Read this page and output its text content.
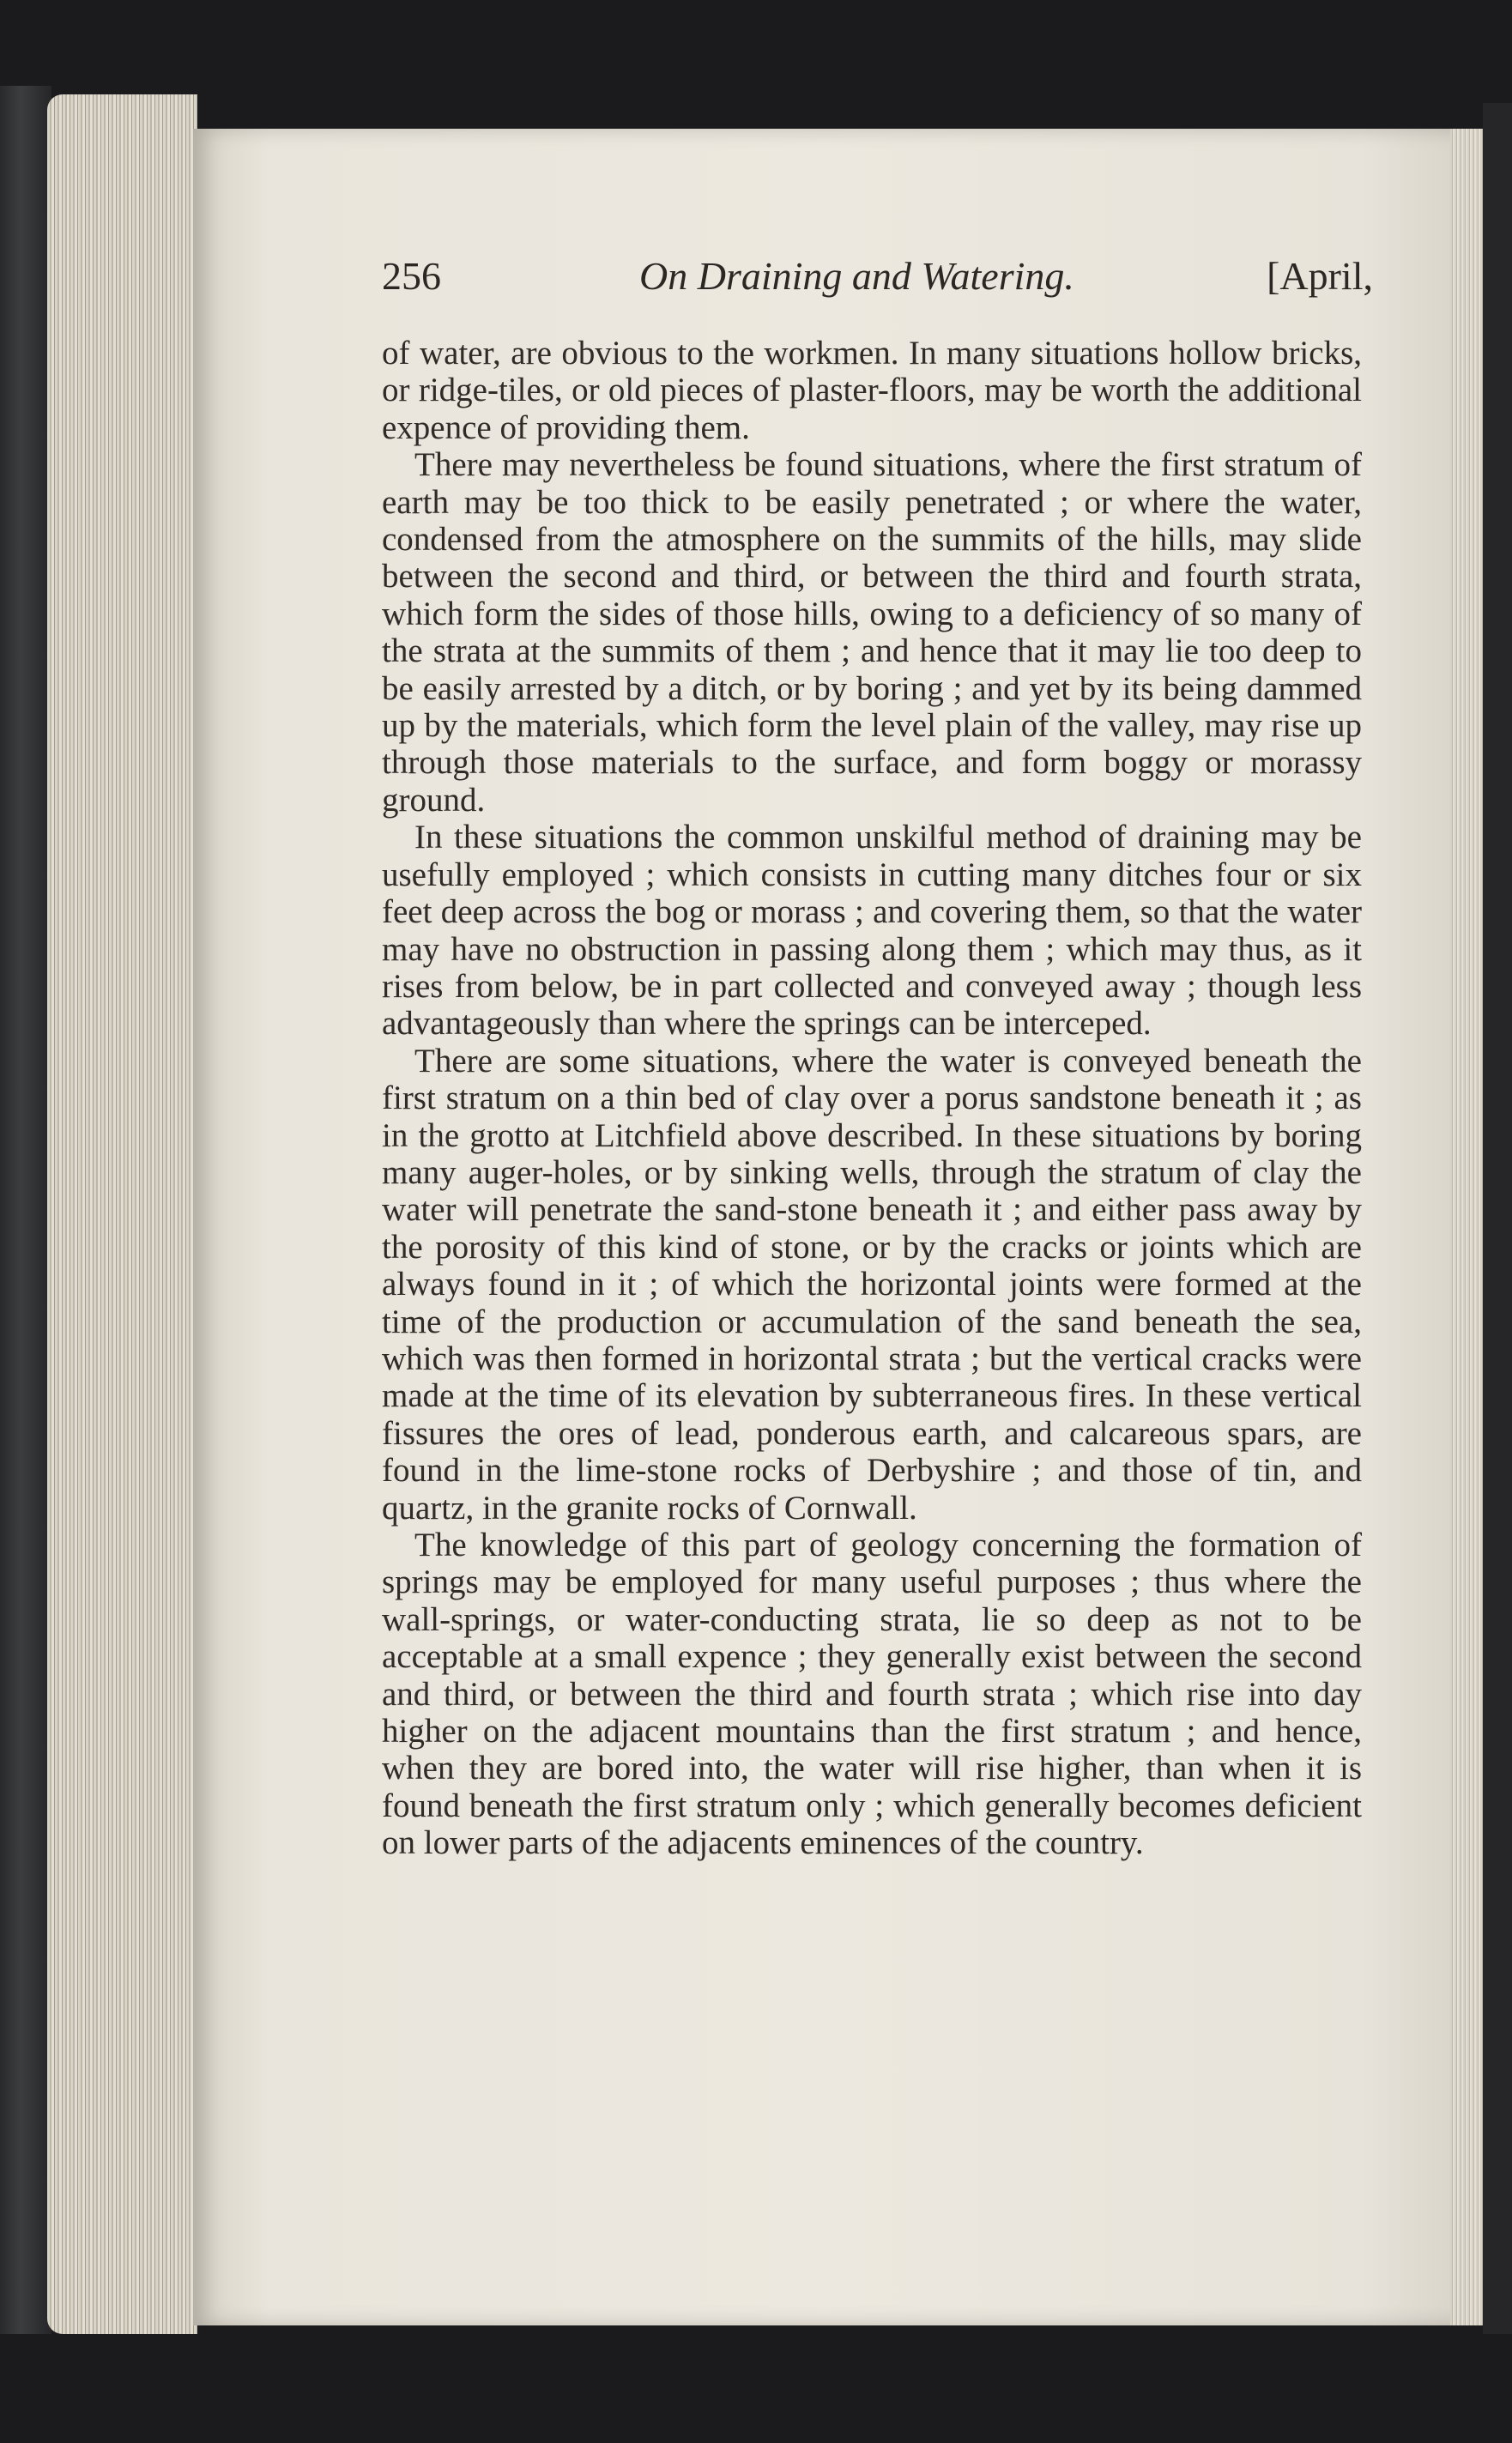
256	On Draining and Watering.	[April,

of water, are obvious to the workmen. In many situations hollow bricks, or ridge-tiles, or old pieces of plaster-floors, may be worth the additional expence of providing them.

There may nevertheless be found situations, where the first stratum of earth may be too thick to be easily penetrated ; or where the water, condensed from the atmosphere on the summits of the hills, may slide between the second and third, or between the third and fourth strata, which form the sides of those hills, owing to a deficiency of so many of the strata at the summits of them ; and hence that it may lie too deep to be easily arrested by a ditch, or by boring ; and yet by its being dammed up by the materials, which form the level plain of the valley, may rise up through those materials to the surface, and form boggy or morassy ground.

In these situations the common unskilful method of draining may be usefully employed ; which consists in cutting many ditches four or six feet deep across the bog or morass ; and covering them, so that the water may have no obstruction in passing along them ; which may thus, as it rises from below, be in part collected and conveyed away ; though less advantageously than where the springs can be interceped.

There are some situations, where the water is conveyed beneath the first stratum on a thin bed of clay over a porus sandstone beneath it ; as in the grotto at Litchfield above described. In these situations by boring many auger-holes, or by sinking wells, through the stratum of clay the water will penetrate the sand-stone beneath it ; and either pass away by the porosity of this kind of stone, or by the cracks or joints which are always found in it ; of which the horizontal joints were formed at the time of the production or accumulation of the sand beneath the sea, which was then formed in horizontal strata ; but the vertical cracks were made at the time of its elevation by subterraneous fires. In these vertical fissures the ores of lead, ponderous earth, and calcareous spars, are found in the lime-stone rocks of Derbyshire ; and those of tin, and quartz, in the granite rocks of Cornwall.

The knowledge of this part of geology concerning the formation of springs may be employed for many useful purposes ; thus where the wall-springs, or water-conducting strata, lie so deep as not to be acceptable at a small expence ; they generally exist between the second and third, or between the third and fourth strata ; which rise into day higher on the adjacent mountains than the first stratum ; and hence, when they are bored into, the water will rise higher, than when it is found beneath the first stratum only ; which generally becomes deficient on lower parts of the adjacents eminences of the country.
